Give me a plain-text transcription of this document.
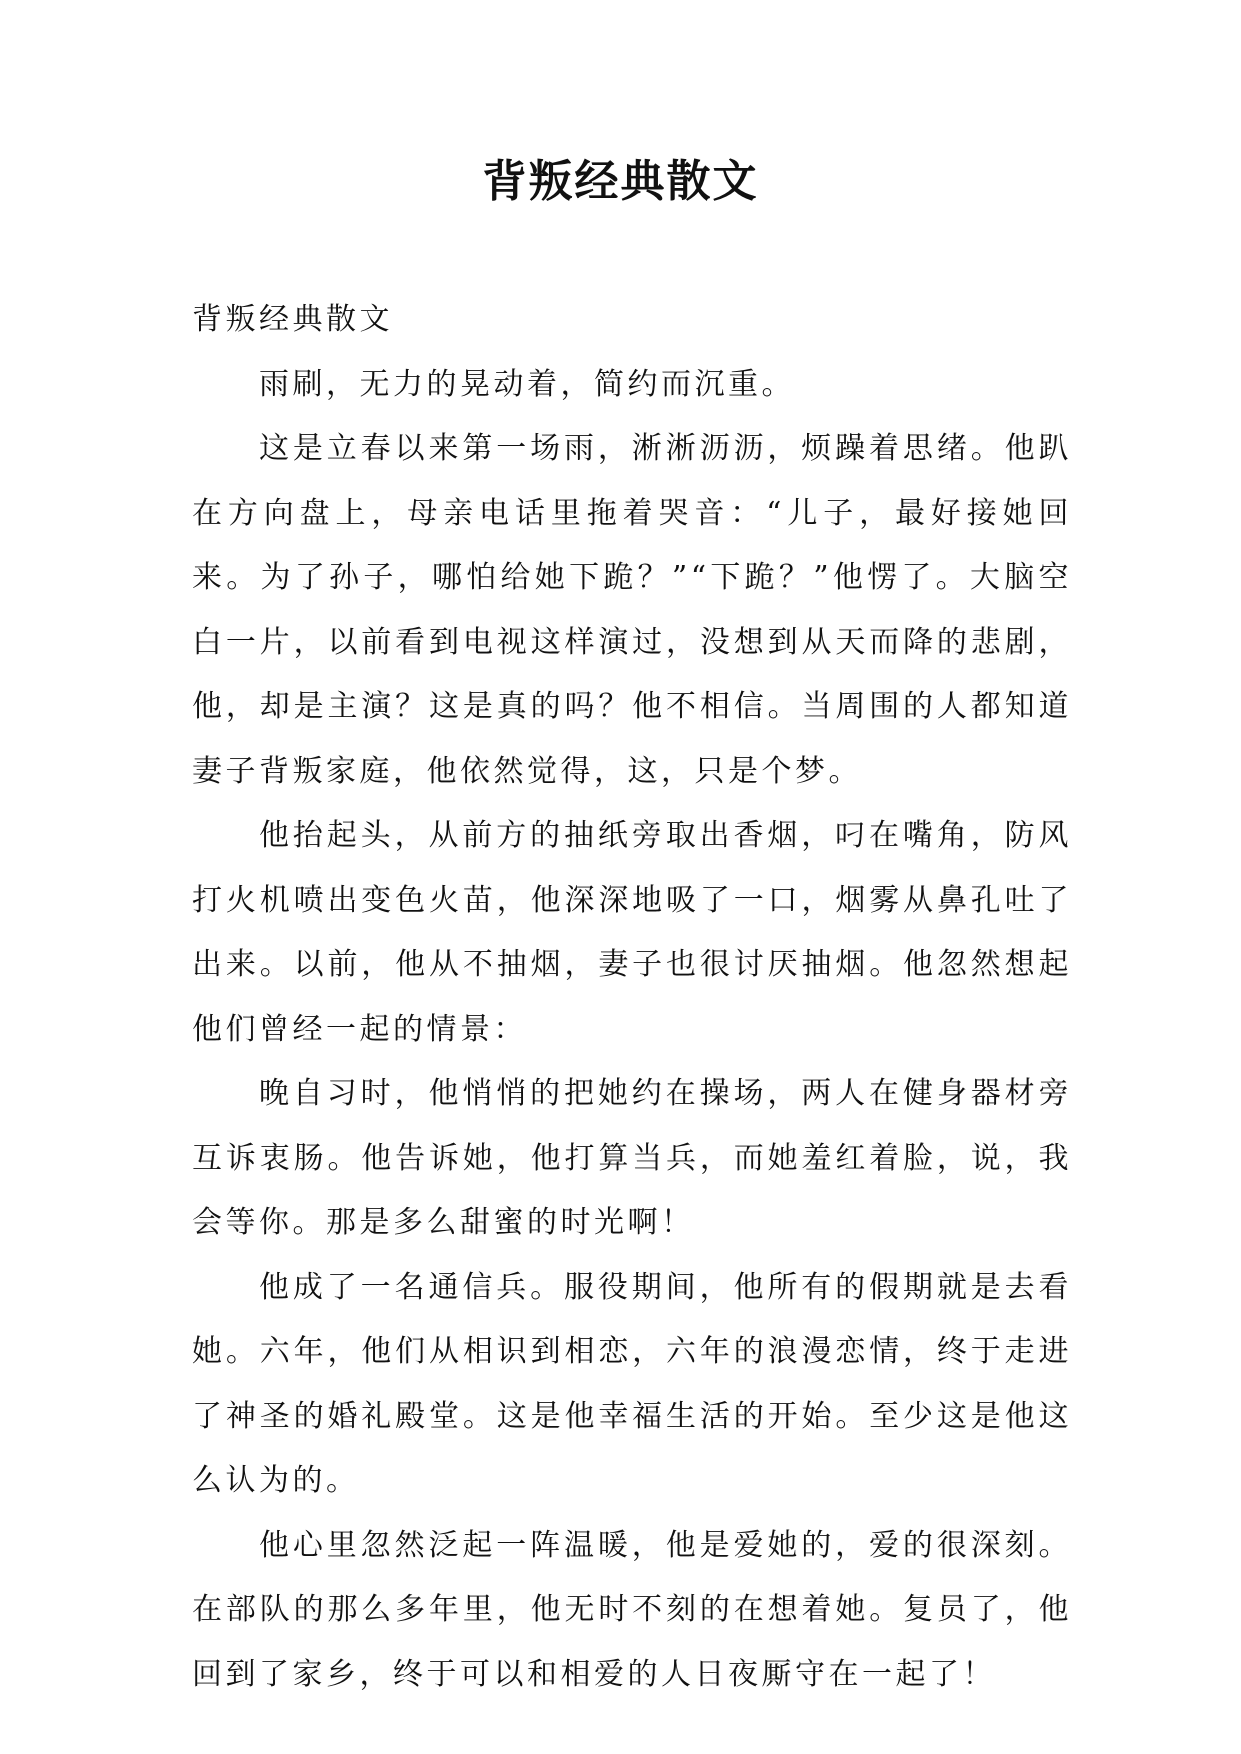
背叛经典散文

背叛经典散文

雨刷，无力的晃动着，简约而沉重。

这是立春以来第一场雨，淅淅沥沥，烦躁着思绪。他趴在方向盘上，母亲电话里拖着哭音：“儿子，最好接她回来。为了孙子，哪怕给她下跪？”“下跪？”他愣了。大脑空白一片，以前看到电视这样演过，没想到从天而降的悲剧，他，却是主演？这是真的吗？他不相信。当周围的人都知道妻子背叛家庭，他依然觉得，这，只是个梦。

他抬起头，从前方的抽纸旁取出香烟，叼在嘴角，防风打火机喷出变色火苗，他深深地吸了一口，烟雾从鼻孔吐了出来。以前，他从不抽烟，妻子也很讨厌抽烟。他忽然想起他们曾经一起的情景：

晚自习时，他悄悄的把她约在操场，两人在健身器材旁互诉衷肠。他告诉她，他打算当兵，而她羞红着脸，说，我会等你。那是多么甜蜜的时光啊！

他成了一名通信兵。服役期间，他所有的假期就是去看她。六年，他们从相识到相恋，六年的浪漫恋情，终于走进了神圣的婚礼殿堂。这是他幸福生活的开始。至少这是他这么认为的。

他心里忽然泛起一阵温暖，他是爱她的，爱的很深刻。在部队的那么多年里，他无时不刻的在想着她。复员了，他回到了家乡，终于可以和相爱的人日夜厮守在一起了！
